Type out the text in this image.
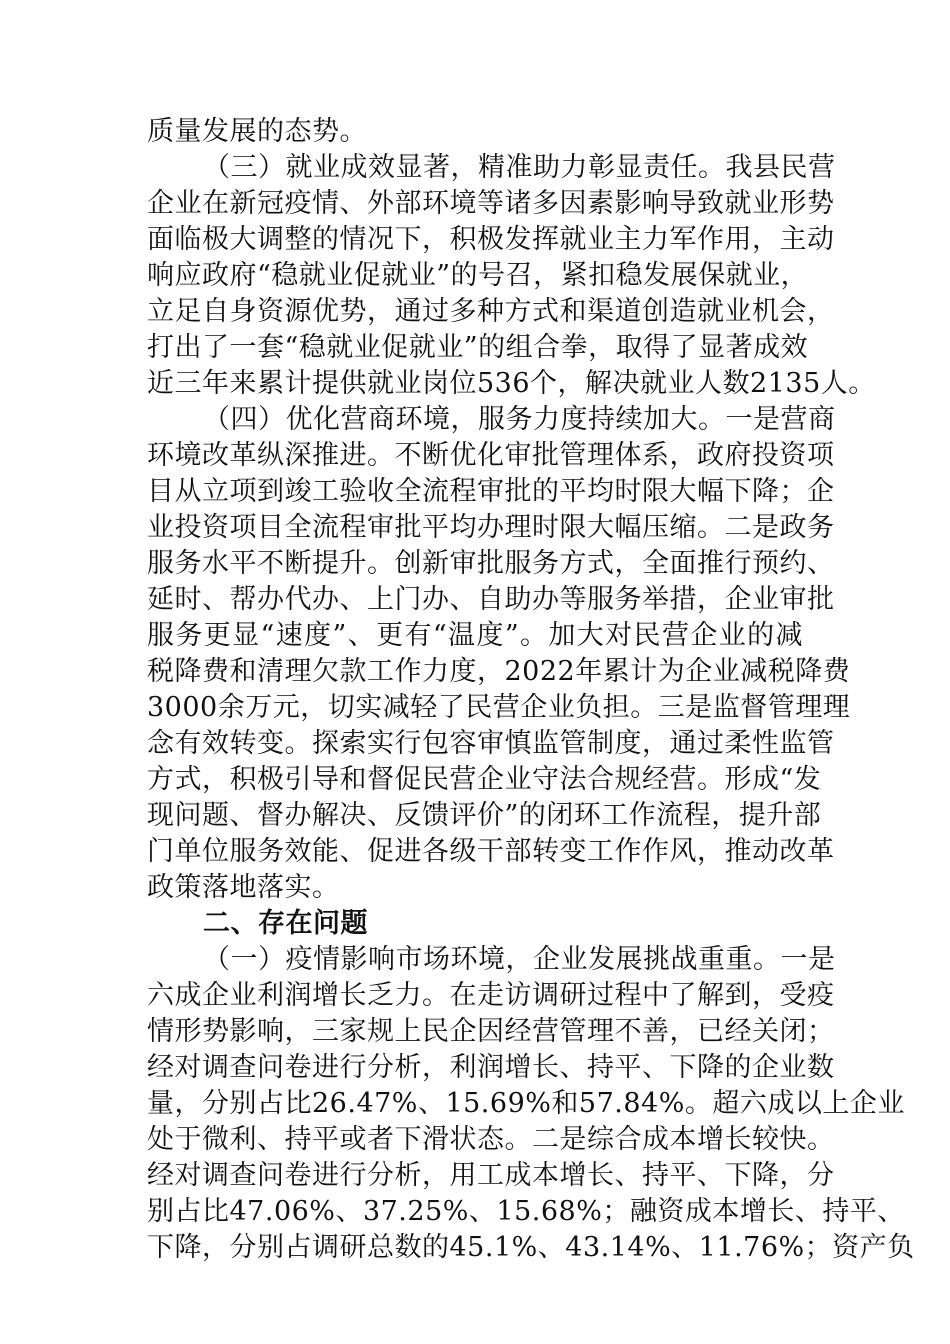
质量发展的态势。
（三）就业成效显著，精准助力彰显责任。我县民营
企业在新冠疫情、外部环境等诸多因素影响导致就业形势
面临极大调整的情况下，积极发挥就业主力军作用，主动
响应政府“稳就业促就业”的号召，紧扣稳发展保就业，
立足自身资源优势，通过多种方式和渠道创造就业机会，
打出了一套“稳就业促就业”的组合拳，取得了显著成效
近三年来累计提供就业岗位536个，解决就业人数2135人。
（四）优化营商环境，服务力度持续加大。一是营商
环境改革纵深推进。不断优化审批管理体系，政府投资项
目从立项到竣工验收全流程审批的平均时限大幅下降；企
业投资项目全流程审批平均办理时限大幅压缩。二是政务
服务水平不断提升。创新审批服务方式，全面推行预约、
延时、帮办代办、上门办、自助办等服务举措，企业审批
服务更显“速度”、更有“温度”。加大对民营企业的减
税降费和清理欠款工作力度，2022年累计为企业减税降费
3000余万元，切实减轻了民营企业负担。三是监督管理理
念有效转变。探索实行包容审慎监管制度，通过柔性监管
方式，积极引导和督促民营企业守法合规经营。形成“发
现问题、督办解决、反馈评价”的闭环工作流程，提升部
门单位服务效能、促进各级干部转变工作作风，推动改革
政策落地落实。
二、存在问题
（一）疫情影响市场环境，企业发展挑战重重。一是
六成企业利润增长乏力。在走访调研过程中了解到，受疫
情形势影响，三家规上民企因经营管理不善，已经关闭；
经对调查问卷进行分析，利润增长、持平、下降的企业数
量，分别占比26.47%、15.69%和57.84%。超六成以上企业
处于微利、持平或者下滑状态。二是综合成本增长较快。
经对调查问卷进行分析，用工成本增长、持平、下降，分
别占比47.06%、37.25%、15.68%；融资成本增长、持平、
下降，分别占调研总数的45.1%、43.14%、11.76%；资产负
